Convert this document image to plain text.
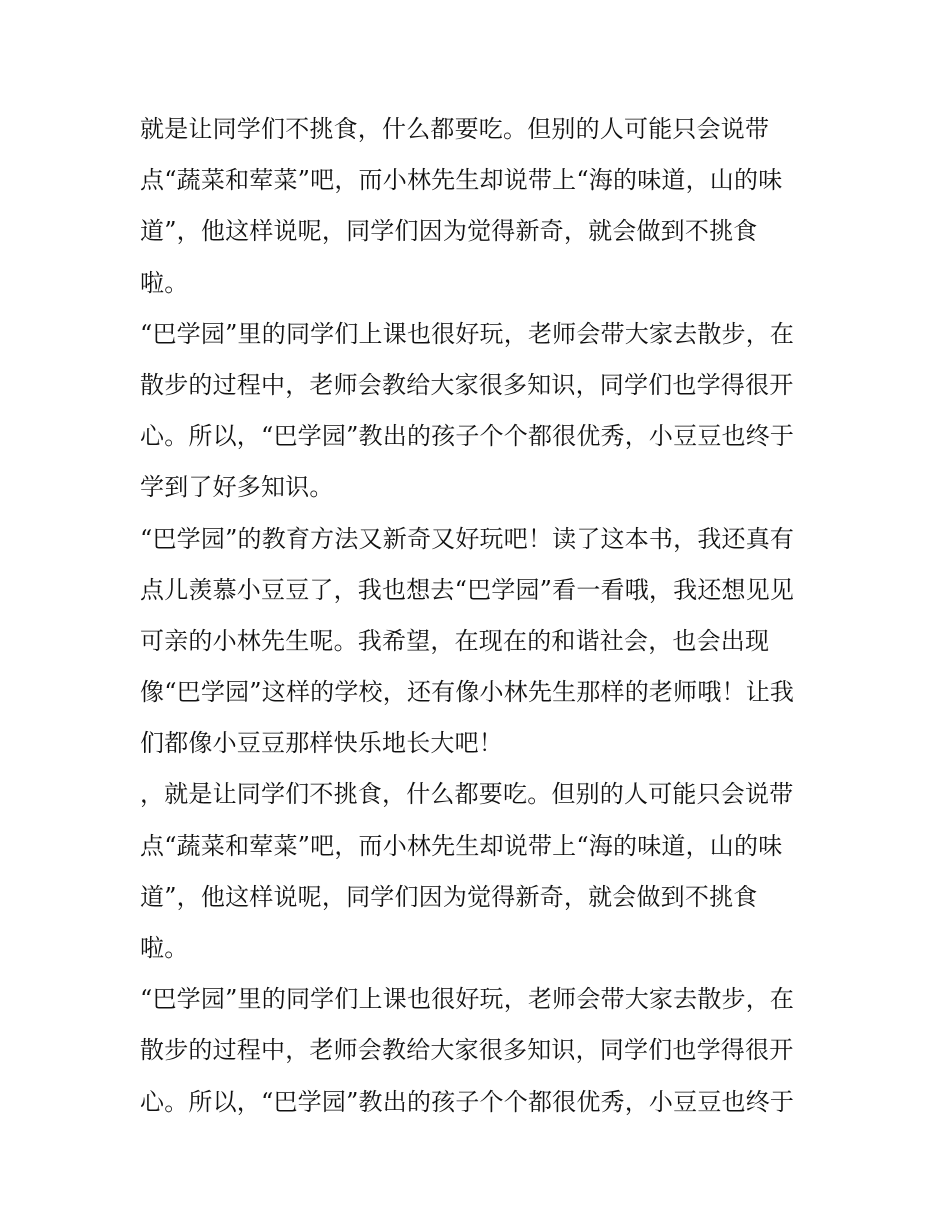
就是让同学们不挑食，什么都要吃。但别的人可能只会说带
点“蔬菜和荤菜”吧，而小林先生却说带上“海的味道，山的味
道”，他这样说呢，同学们因为觉得新奇，就会做到不挑食
啦。
“巴学园”里的同学们上课也很好玩，老师会带大家去散步，在
散步的过程中，老师会教给大家很多知识，同学们也学得很开
心。所以，“巴学园”教出的孩子个个都很优秀，小豆豆也终于
学到了好多知识。
“巴学园”的教育方法又新奇又好玩吧！读了这本书，我还真有
点儿羡慕小豆豆了，我也想去“巴学园”看一看哦，我还想见见
可亲的小林先生呢。我希望，在现在的和谐社会，也会出现
像“巴学园”这样的学校，还有像小林先生那样的老师哦！让我
们都像小豆豆那样快乐地长大吧！
，就是让同学们不挑食，什么都要吃。但别的人可能只会说带
点“蔬菜和荤菜”吧，而小林先生却说带上“海的味道，山的味
道”，他这样说呢，同学们因为觉得新奇，就会做到不挑食
啦。
“巴学园”里的同学们上课也很好玩，老师会带大家去散步，在
散步的过程中，老师会教给大家很多知识，同学们也学得很开
心。所以，“巴学园”教出的孩子个个都很优秀，小豆豆也终于
